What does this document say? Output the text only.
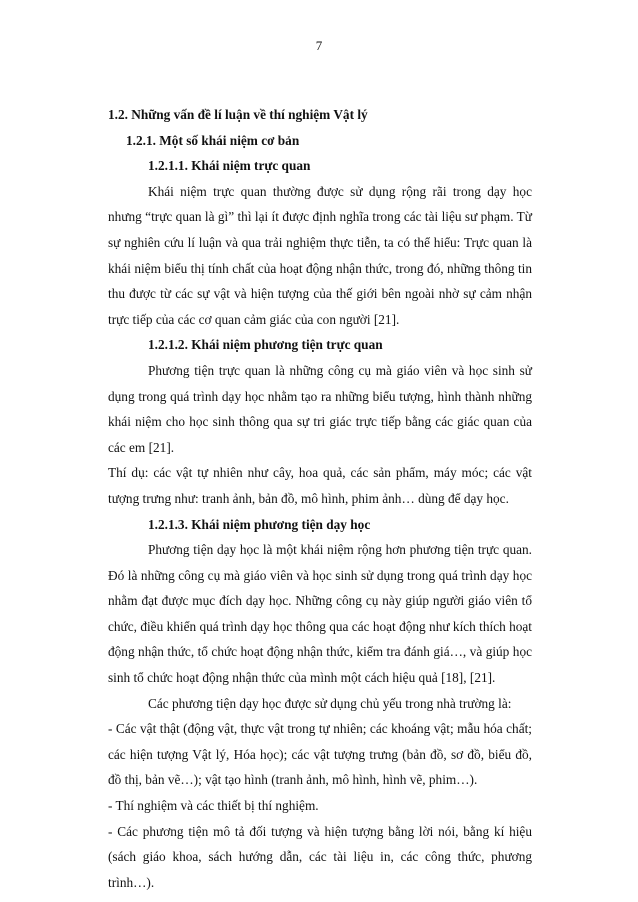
7

1.2. Những vấn đề lí luận về thí nghiệm Vật lý

1.2.1. Một số khái niệm cơ bản

1.2.1.1. Khái niệm trực quan

Khái niệm trực quan thường được sử dụng rộng rãi trong dạy học nhưng “trực quan là gì” thì lại ít được định nghĩa trong các tài liệu sư phạm. Từ sự nghiên cứu lí luận và qua trải nghiệm thực tiễn, ta có thể hiểu: Trực quan là khái niệm biểu thị tính chất của hoạt động nhận thức, trong đó, những thông tin thu được từ các sự vật và hiện tượng của thế giới bên ngoài nhờ sự cảm nhận trực tiếp của các cơ quan cảm giác của con người [21].

1.2.1.2. Khái niệm phương tiện trực quan

Phương tiện trực quan là những công cụ mà giáo viên và học sinh sử dụng trong quá trình dạy học nhằm tạo ra những biểu tượng, hình thành những khái niệm cho học sinh thông qua sự tri giác trực tiếp bằng các giác quan của các em [21].

Thí dụ: các vật tự nhiên như cây, hoa quả, các sản phẩm, máy móc; các vật tượng trưng như: tranh ảnh, bản đồ, mô hình, phim ảnh… dùng để dạy học.

1.2.1.3. Khái niệm phương tiện dạy học

Phương tiện dạy học là một khái niệm rộng hơn phương tiện trực quan. Đó là những công cụ mà giáo viên và học sinh sử dụng trong quá trình dạy học nhằm đạt được mục đích dạy học. Những công cụ này giúp người giáo viên tổ chức, điều khiển quá trình dạy học thông qua các hoạt động như kích thích hoạt động nhận thức, tổ chức hoạt động nhận thức, kiểm tra đánh giá…, và giúp học sinh tổ chức hoạt động nhận thức của mình một cách hiệu quả [18], [21].

Các phương tiện dạy học được sử dụng chủ yếu trong nhà trường là:

- Các vật thật (động vật, thực vật trong tự nhiên; các khoáng vật; mẫu hóa chất; các hiện tượng Vật lý, Hóa học); các vật tượng trưng (bản đồ, sơ đồ, biểu đồ, đồ thị, bản vẽ…); vật tạo hình (tranh ảnh, mô hình, hình vẽ, phim…).

- Thí nghiệm và các thiết bị thí nghiệm.

- Các phương tiện mô tả đối tượng và hiện tượng bằng lời nói, bằng kí hiệu (sách giáo khoa, sách hướng dẫn, các tài liệu in, các công thức, phương trình…).
